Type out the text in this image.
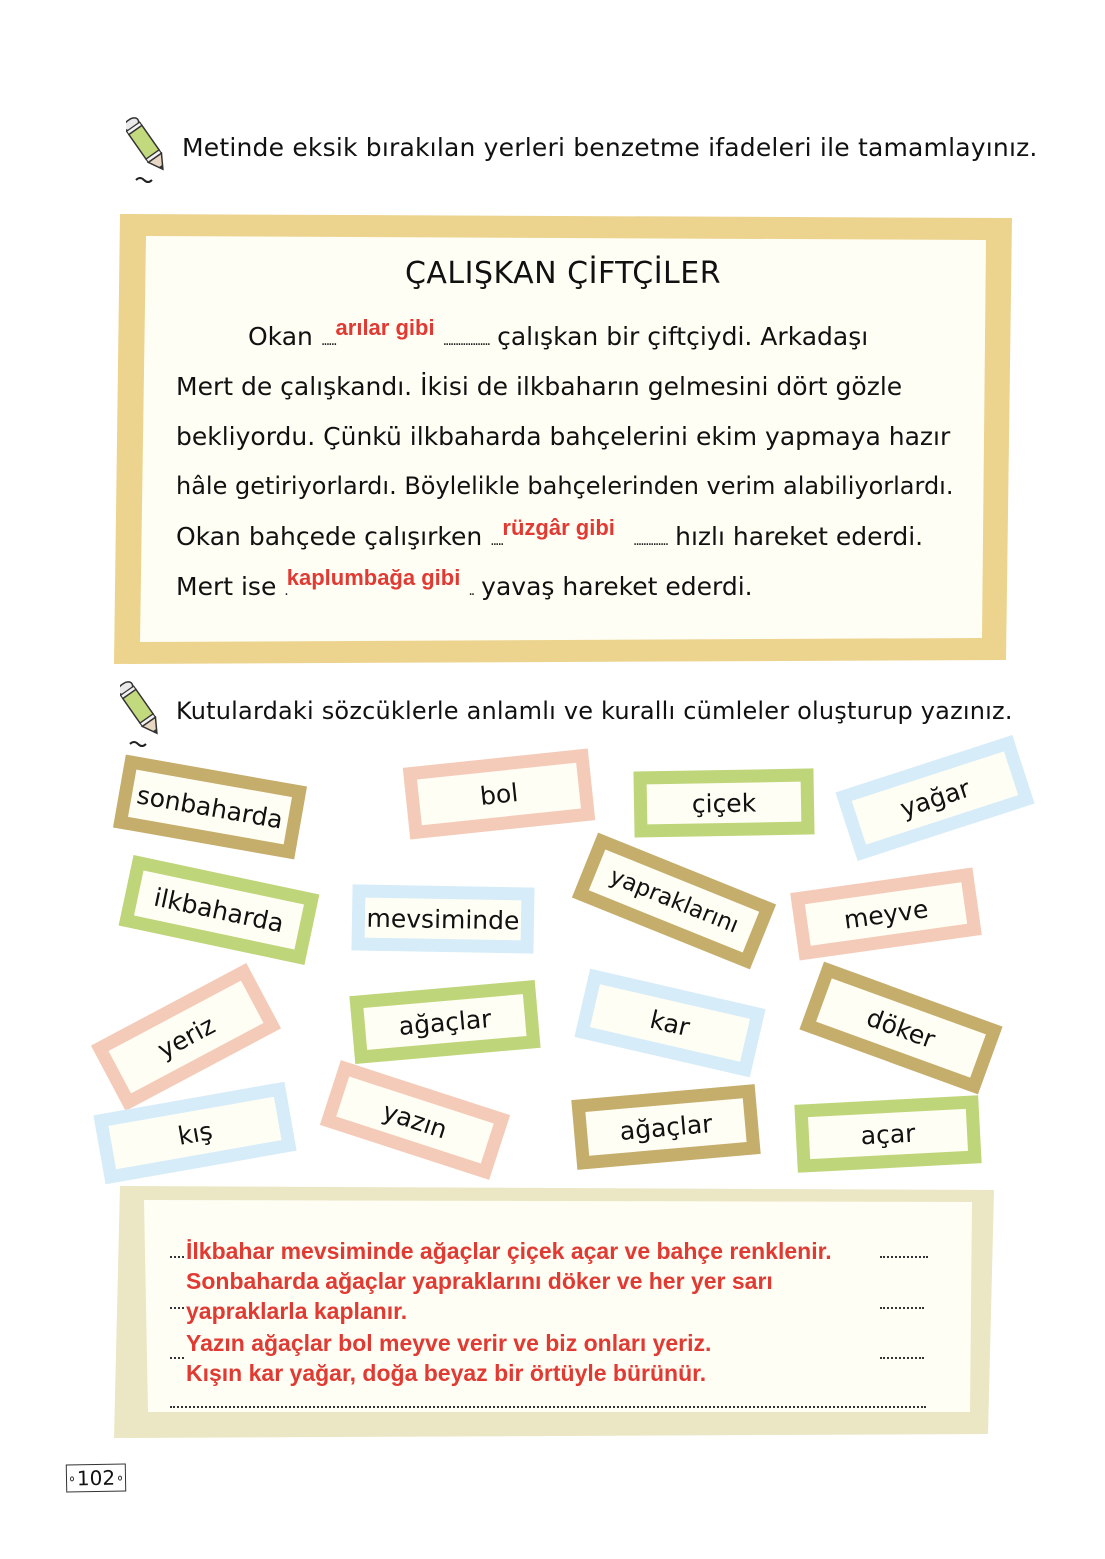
Metinde eksik bırakılan yerleri benzetme ifadeleri ile tamamlayınız.
ÇALIŞKAN ÇİFTÇİLER
Okan ......arılar gibi................... çalışkan bir çiftçiydi. Arkadaşı
Mert de çalışkandı. İkisi de ilkbaharın gelmesini dört gözle
bekliyordu. Çünkü ilkbaharda bahçelerini ekim yapmaya hazır
hâle getiriyorlardı. Böylelikle bahçelerinden verim alabiliyorlardı.
Okan bahçede çalışırken .....rüzgâr gibi.............. hızlı hareket ederdi.
Mert ise .kaplumbağa gibi.. yavaş hareket ederdi.
Kutulardaki sözcüklerle anlamlı ve kurallı cümleler oluşturup yazınız.
sonbaharda	bol	çiçek	yağar
ilkbaharda	mevsiminde	yapraklarını	meyve
yeriz	ağaçlar	kar	döker
kış	yazın	ağaçlar	açar
İlkbahar mevsiminde ağaçlar çiçek açar ve bahçe renklenir.
Sonbaharda ağaçlar yapraklarını döker ve her yer sarı
yapraklarla kaplanır.
Yazın ağaçlar bol meyve verir ve biz onları yeriz.
Kışın kar yağar, doğa beyaz bir örtüyle bürünür.
102
